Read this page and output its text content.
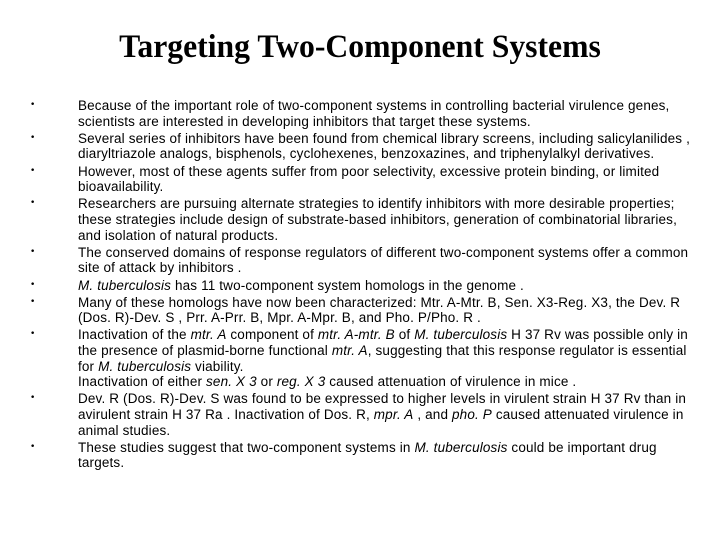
Targeting Two-Component Systems
•	Because of the important role of two-component systems in controlling bacterial virulence genes, scientists are interested in developing inhibitors that target these systems.
•	Several series of inhibitors have been found from chemical library screens, including salicylanilides , diaryltriazole analogs, bisphenols, cyclohexenes, benzoxazines, and triphenylalkyl derivatives.
•	However, most of these agents suffer from poor selectivity, excessive protein binding, or limited bioavailability.
•	Researchers are pursuing alternate strategies to identify inhibitors with more desirable properties; these strategies include design of substrate-based inhibitors, generation of combinatorial libraries, and isolation of natural products.
•	The conserved domains of response regulators of different two-component systems offer a common site of attack by inhibitors .
•	M. tuberculosis has 11 two-component system homologs in the genome .
•	Many of these homologs have now been characterized: Mtr. A-Mtr. B, Sen. X3-Reg. X3, the Dev. R (Dos. R)-Dev. S , Prr. A-Prr. B, Mpr. A-Mpr. B, and Pho. P/Pho. R .
•	Inactivation of the mtr. A component of mtr. A-mtr. B of M. tuberculosis H 37 Rv was possible only in the presence of plasmid-borne functional mtr. A, suggesting that this response regulator is essential for M. tuberculosis viability.
Inactivation of either sen. X 3 or reg. X 3 caused attenuation of virulence in mice .
•	Dev. R (Dos. R)-Dev. S was found to be expressed to higher levels in virulent strain H 37 Rv than in avirulent strain H 37 Ra . Inactivation of Dos. R, mpr. A , and pho. P caused attenuated virulence in animal studies.
•	These studies suggest that two-component systems in M. tuberculosis could be important drug targets.
